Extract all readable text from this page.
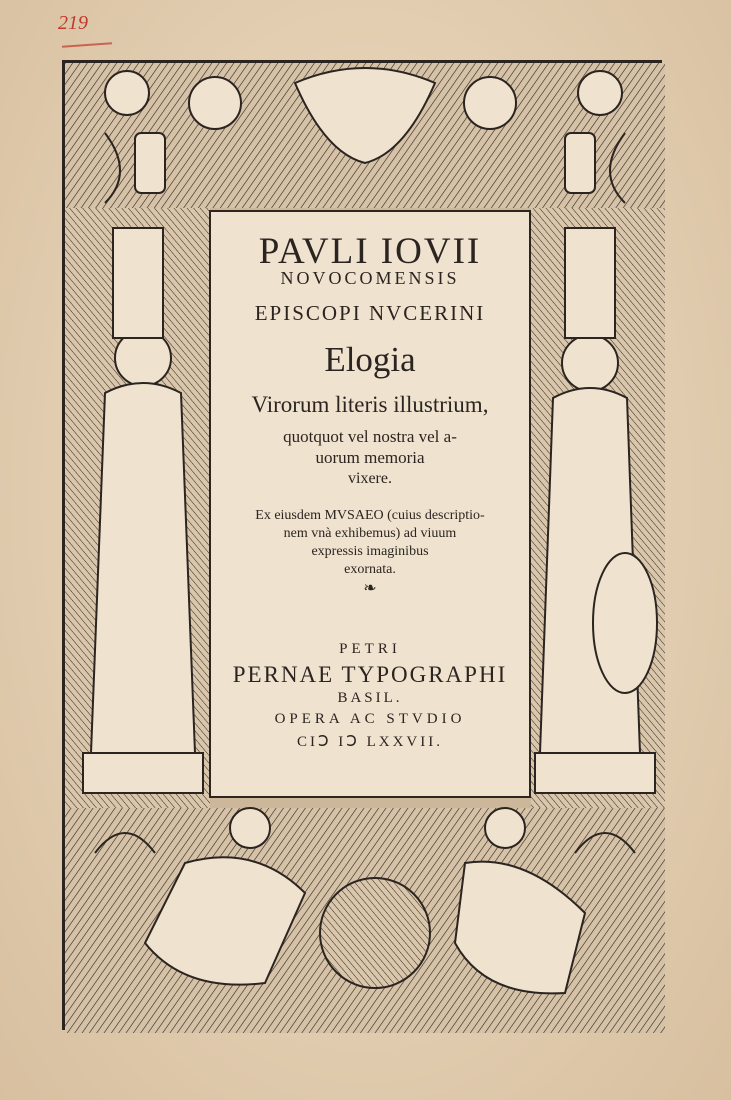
219
PAVLI IOVII
NOVOCOMENSIS
EPISCOPI NVCERINI
Elogia
Virorum literis illustrium,
quotquot vel nostra vel a-
uorum memoria
vixere.
Ex eiusdem MVSAEO (cuius descriptio-
nem vnà exhibemus) ad viuum
expressis imaginibus
exornata.
❧
PETRI
PERNAE TYPOGRAPHI
BASIL.
OPERA AC STVDIO
CIↃ IↃ LXXVII.
